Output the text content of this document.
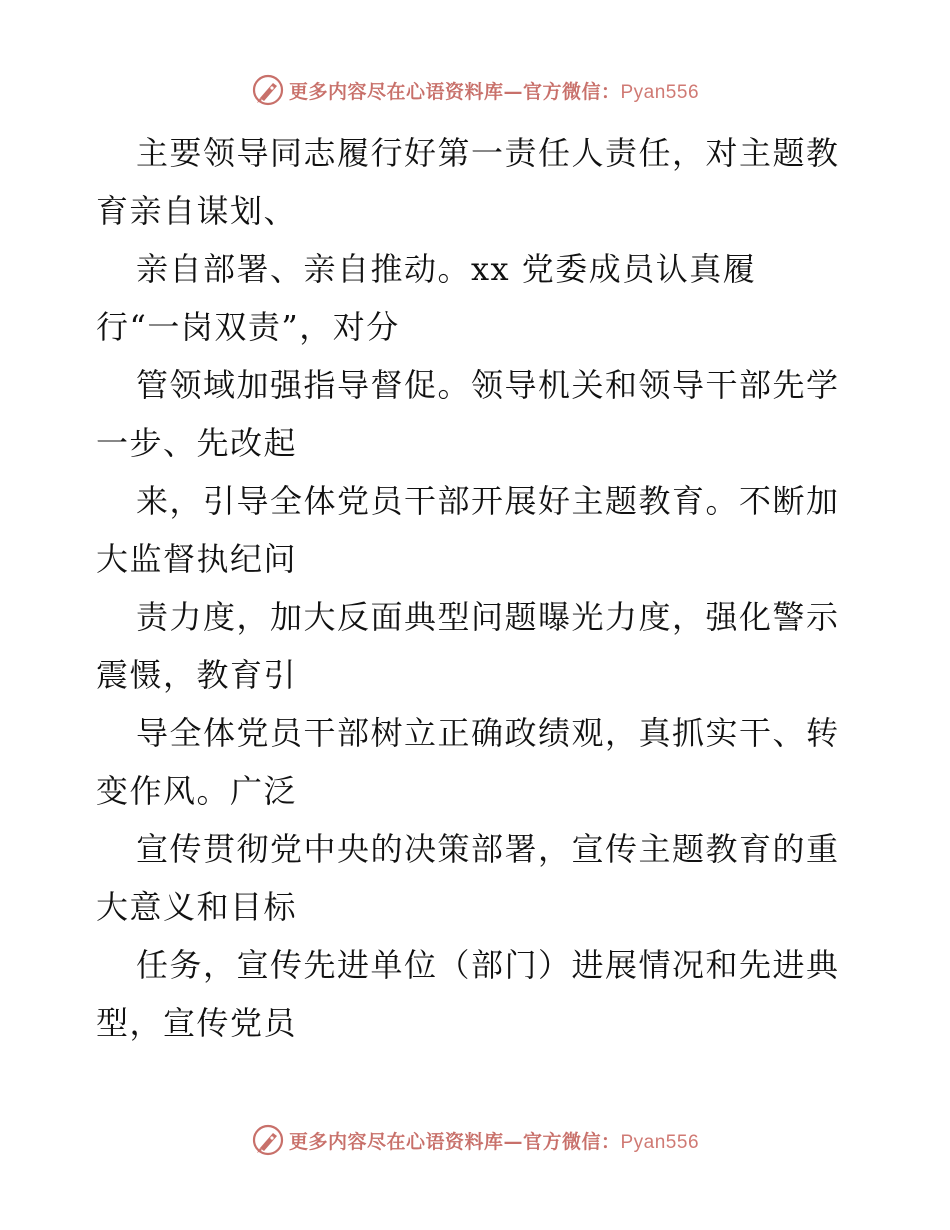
更多内容尽在心语资料库—官方微信：Pyan556
主要领导同志履行好第一责任人责任，对主题教
育亲自谋划、
亲自部署、亲自推动。xx 党委成员认真履
行“一岗双责”，对分
管领域加强指导督促。领导机关和领导干部先学
一步、先改起
来，引导全体党员干部开展好主题教育。不断加
大监督执纪问
责力度，加大反面典型问题曝光力度，强化警示
震慑，教育引
导全体党员干部树立正确政绩观，真抓实干、转
变作风。广泛
宣传贯彻党中央的决策部署，宣传主题教育的重
大意义和目标
任务，宣传先进单位（部门）进展情况和先进典
型，宣传党员
更多内容尽在心语资料库—官方微信：Pyan556
